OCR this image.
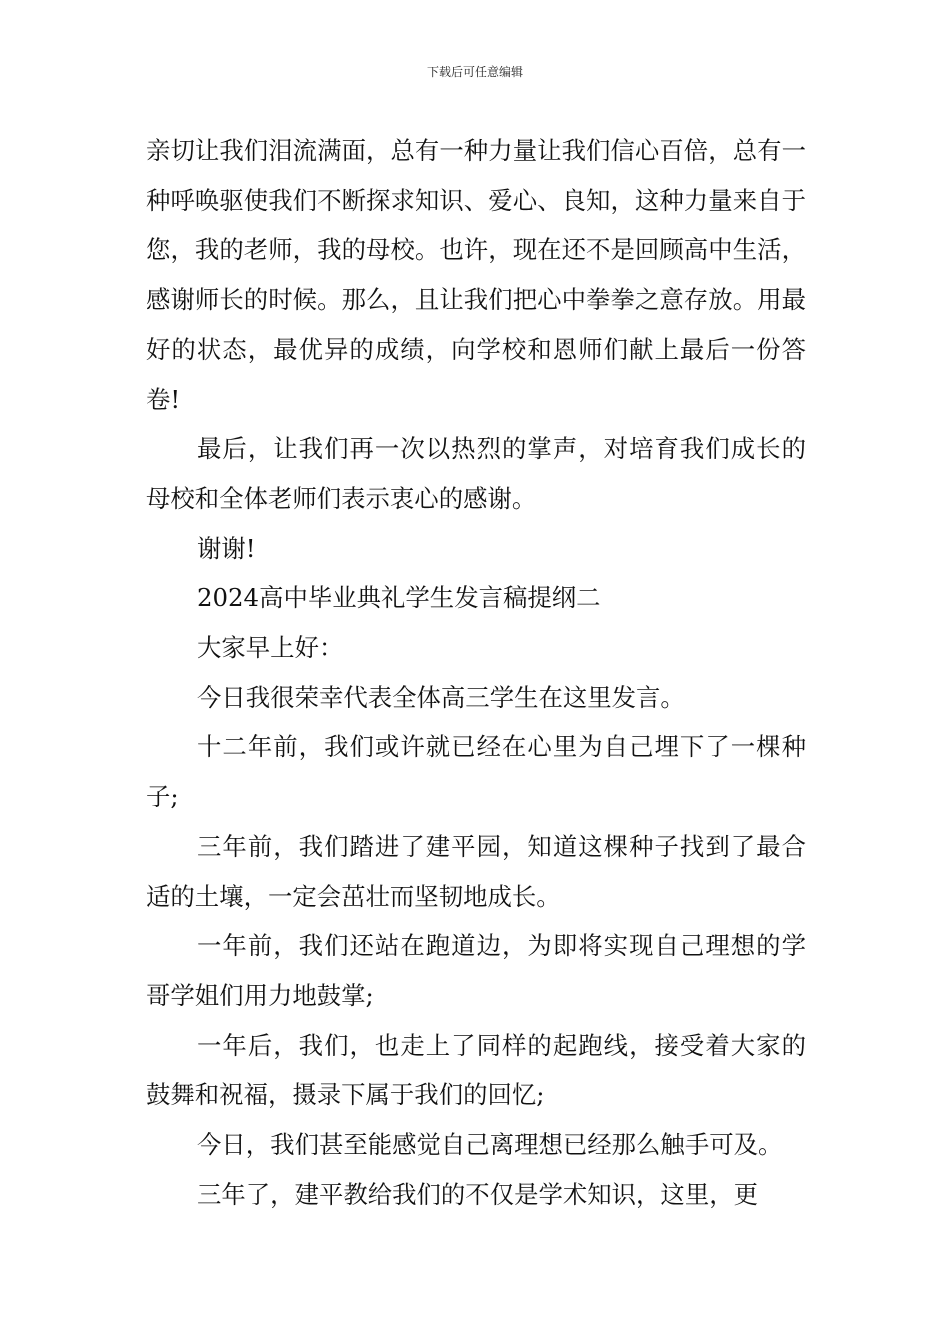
下载后可任意编辑

亲切让我们泪流满面，总有一种力量让我们信心百倍，总有一种呼唤驱使我们不断探求知识、爱心、良知，这种力量来自于您，我的老师，我的母校。也许，现在还不是回顾高中生活，感谢师长的时候。那么，且让我们把心中拳拳之意存放。用最好的状态，最优异的成绩，向学校和恩师们献上最后一份答卷!

最后，让我们再一次以热烈的掌声，对培育我们成长的母校和全体老师们表示衷心的感谢。

谢谢!

2024高中毕业典礼学生发言稿提纲二

大家早上好：

今日我很荣幸代表全体高三学生在这里发言。

十二年前，我们或许就已经在心里为自己埋下了一棵种子;

三年前，我们踏进了建平园，知道这棵种子找到了最合适的土壤，一定会茁壮而坚韧地成长。

一年前，我们还站在跑道边，为即将实现自己理想的学哥学姐们用力地鼓掌;

一年后，我们，也走上了同样的起跑线，接受着大家的鼓舞和祝福，摄录下属于我们的回忆;

今日，我们甚至能感觉自己离理想已经那么触手可及。

三年了，建平教给我们的不仅是学术知识，这里，更
